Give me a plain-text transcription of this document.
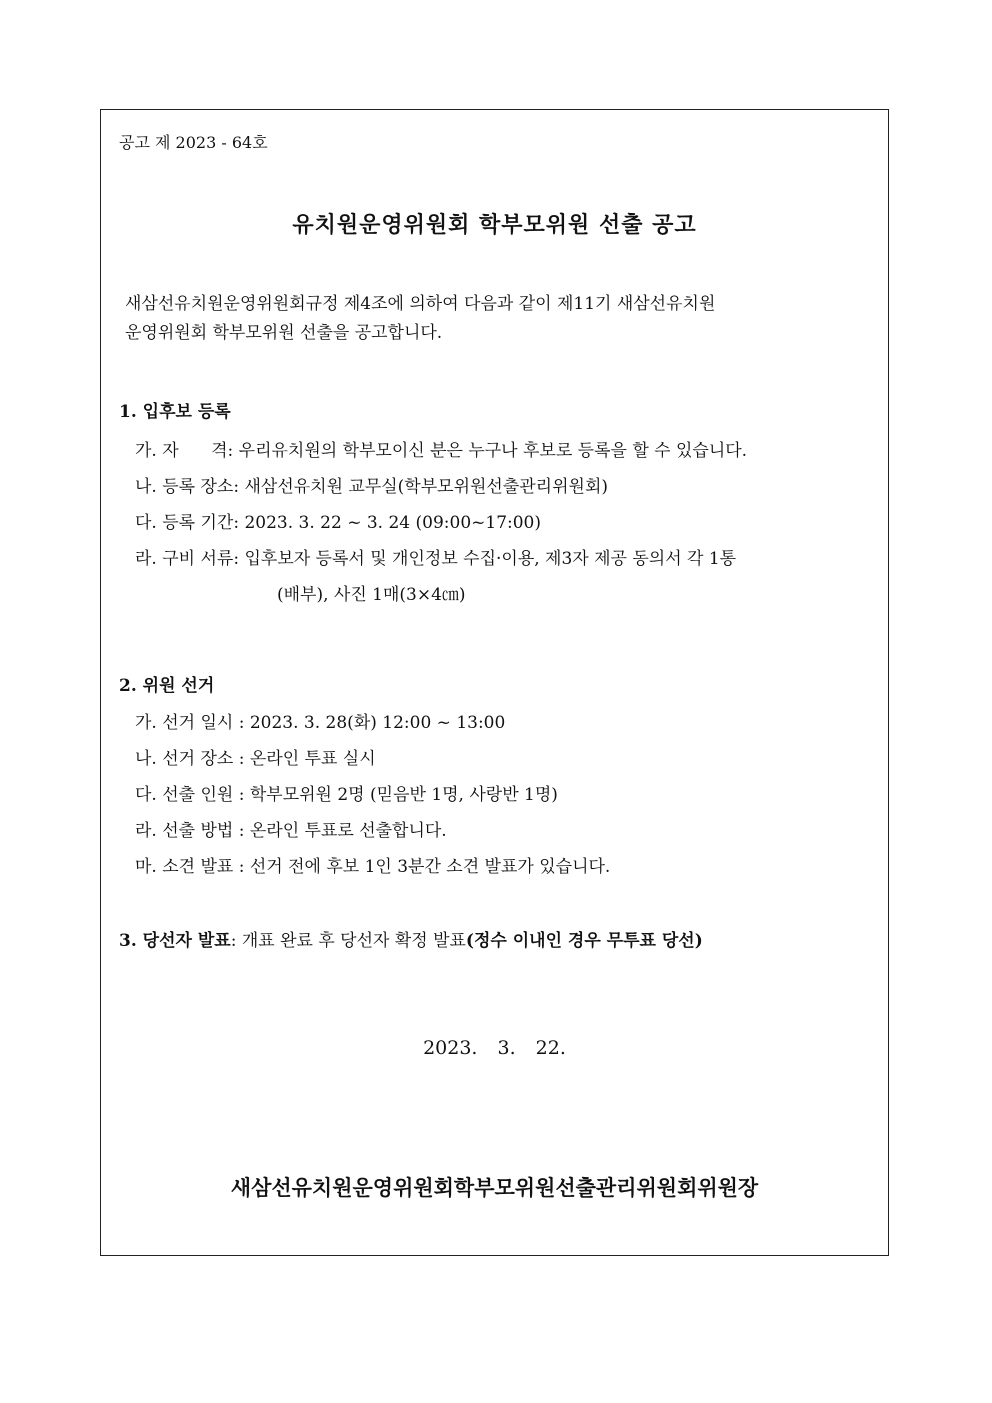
공고 제 2023 - 64호
유치원운영위원회 학부모위원 선출 공고
새삼선유치원운영위원회규정 제4조에 의하여 다음과 같이 제11기 새삼선유치원
운영위원회 학부모위원 선출을 공고합니다.
1. 입후보 등록
가. 자      격: 우리유치원의 학부모이신 분은 누구나 후보로 등록을 할 수 있습니다.
나. 등록 장소: 새삼선유치원 교무실(학부모위원선출관리위원회)
다. 등록 기간: 2023. 3. 22 ~ 3. 24 (09:00~17:00)
라. 구비 서류: 입후보자 등록서 및 개인정보 수집·이용, 제3자 제공 동의서 각 1통
(배부), 사진 1매(3×4㎝)
2. 위원 선거
가. 선거 일시 : 2023. 3. 28(화) 12:00 ~ 13:00
나. 선거 장소 : 온라인 투표 실시
다. 선출 인원 : 학부모위원 2명 (믿음반 1명, 사랑반 1명)
라. 선출 방법 : 온라인 투표로 선출합니다.
마. 소견 발표 : 선거 전에 후보 1인 3분간 소견 발표가 있습니다.
3. 당선자 발표: 개표 완료 후 당선자 확정 발표(정수 이내인 경우 무투표 당선)
2023. 3. 22.
새삼선유치원운영위원회학부모위원선출관리위원회위원장
